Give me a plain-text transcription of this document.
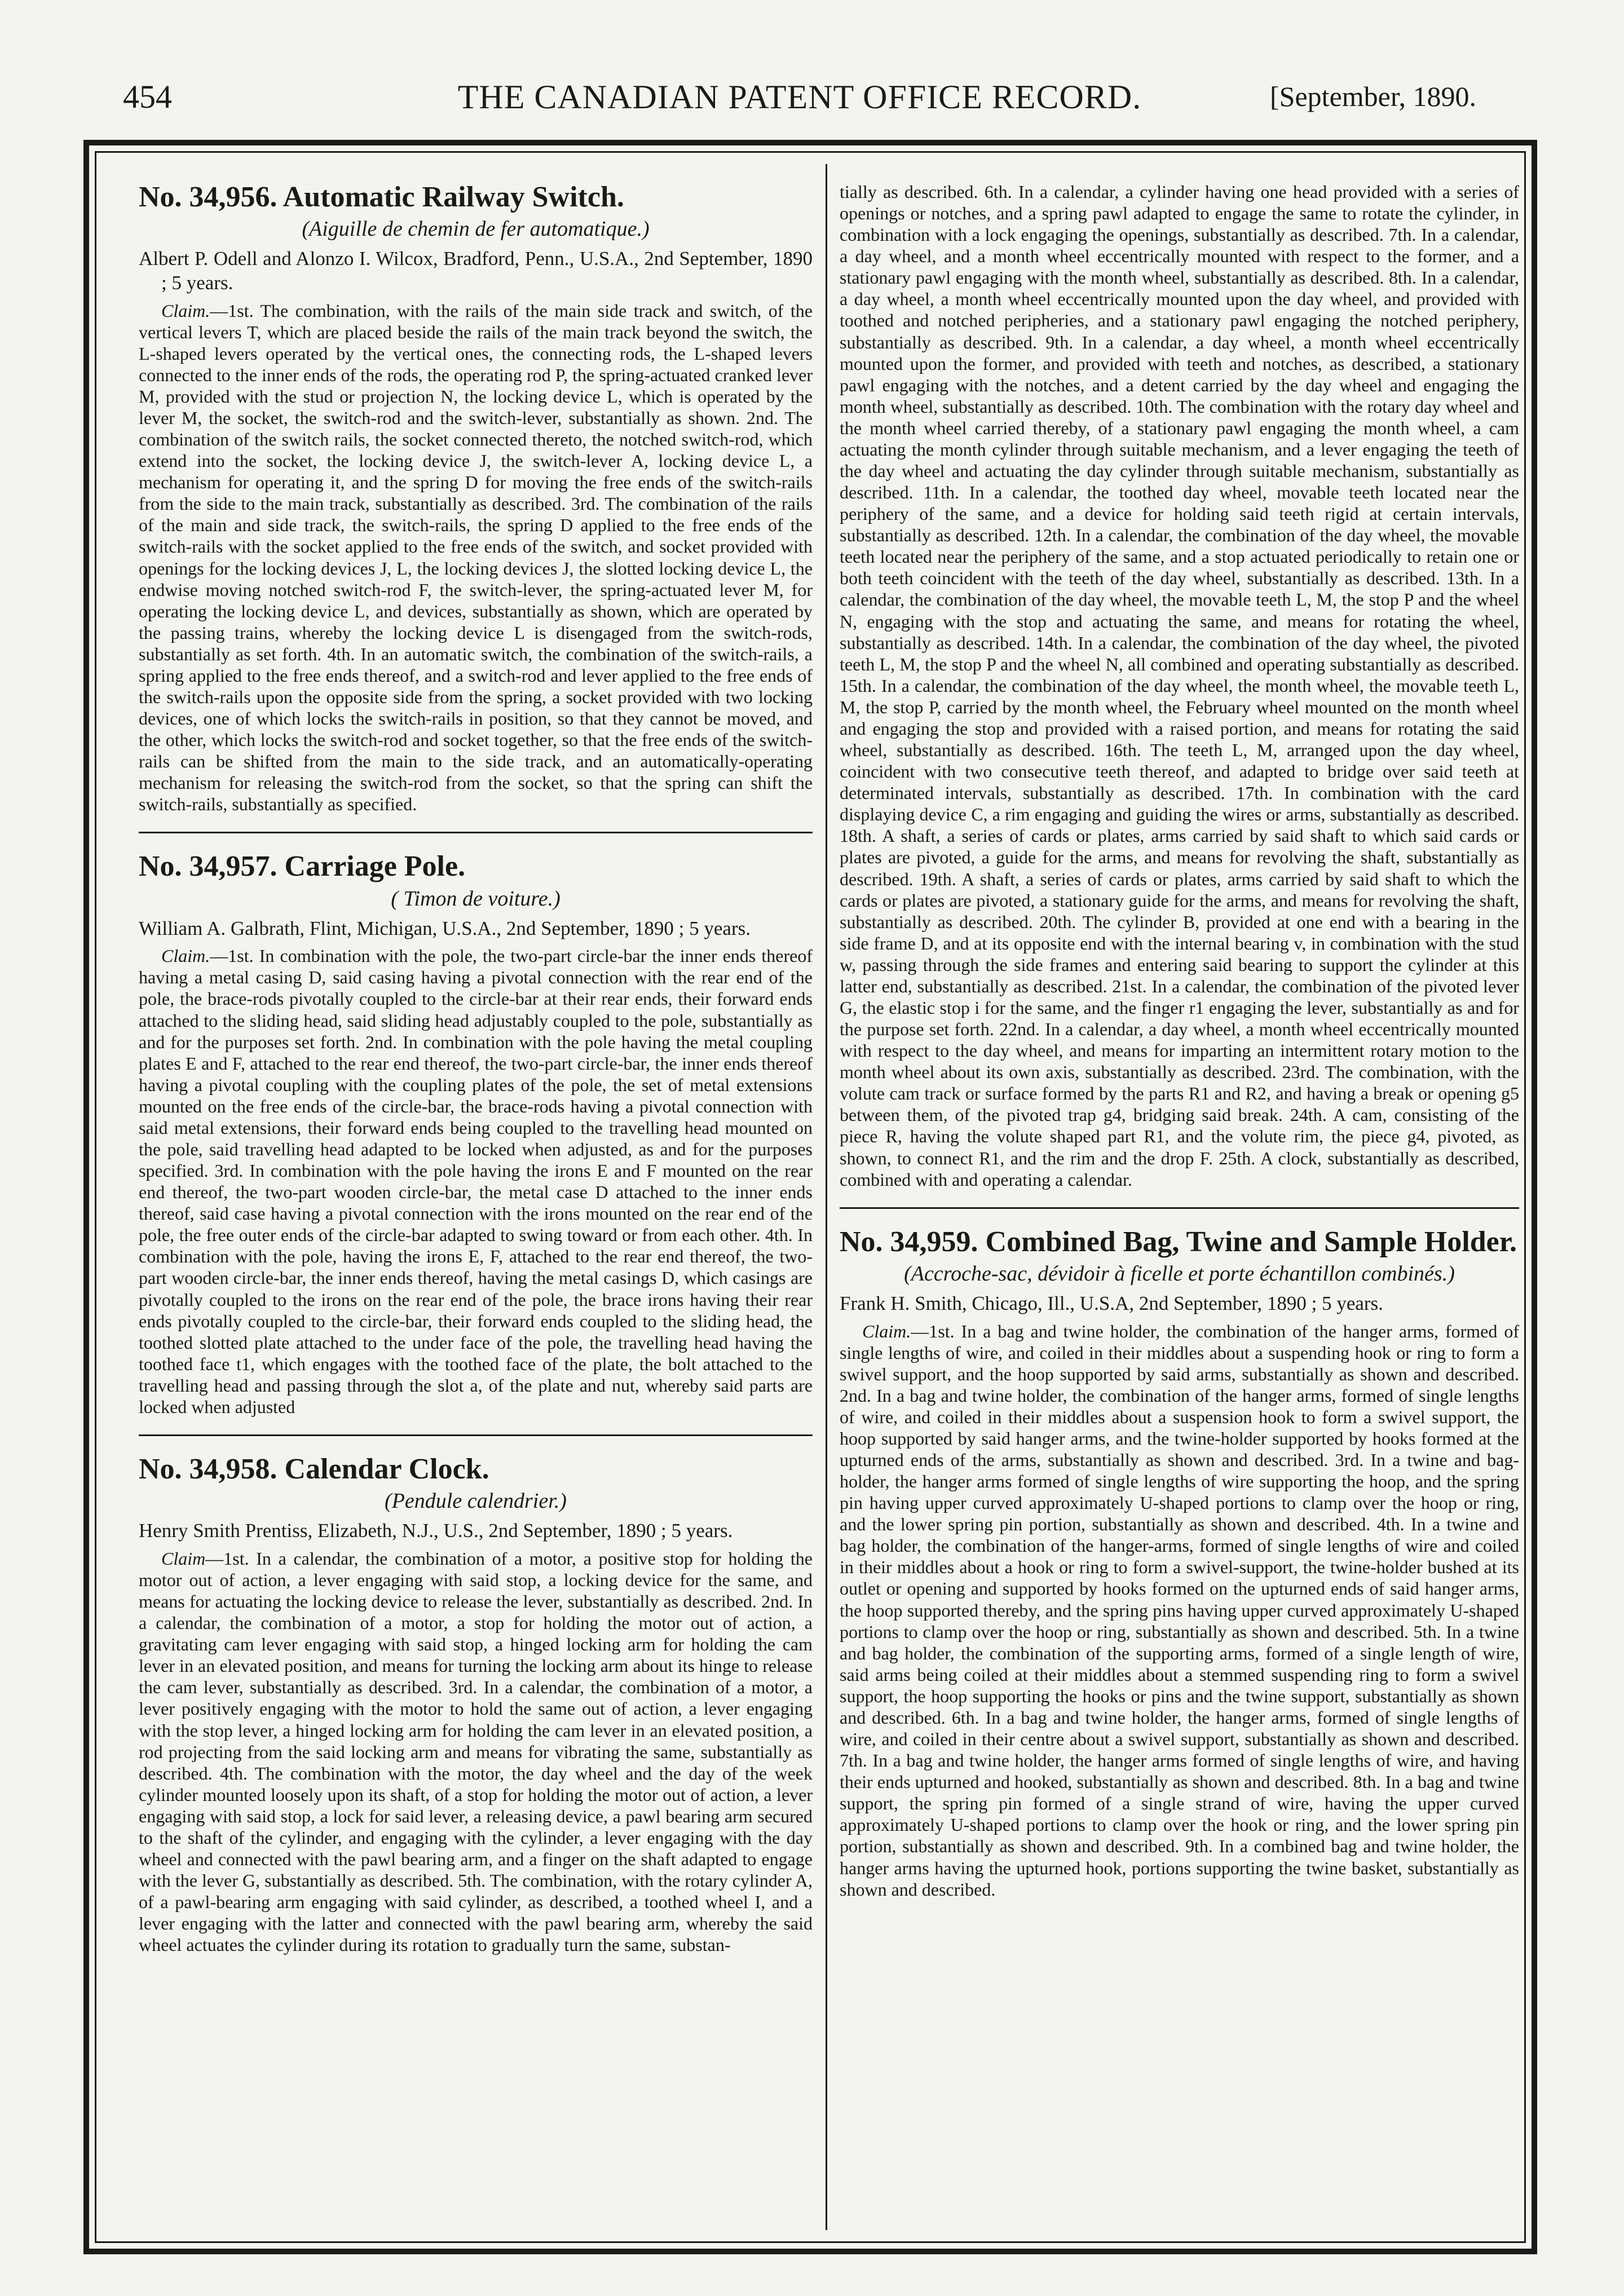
454	THE CANADIAN PATENT OFFICE RECORD.	[September, 1890.
No. 34,956. Automatic Railway Switch.
(Aiguille de chemin de fer automatique.)

Albert P. Odell and Alonzo I. Wilcox, Bradford, Penn., U.S.A., 2nd September, 1890 ; 5 years.

Claim.—1st. The combination, with the rails of the main side track and switch, of the vertical levers T, which are placed beside the rails of the main track beyond the switch, the L-shaped levers operated by the vertical ones, the connecting rods, the L-shaped levers connected to the inner ends of the rods, the operating rod P, the spring-actuated cranked lever M, provided with the stud or projection N, the locking device L, which is operated by the lever M, the socket, the switch-rod and the switch-lever, substantially as shown. 2nd. The combination of the switch rails, the socket connected thereto, the notched switch-rod, which extend into the socket, the locking device J, the switch-lever A, locking device L, a mechanism for operating it, and the spring D for moving the free ends of the switch-rails from the side to the main track, substantially as described. 3rd. The combination of the rails of the main and side track, the switch-rails, the spring D applied to the free ends of the switch-rails with the socket applied to the free ends of the switch, and socket provided with openings for the locking devices J, L, the locking devices J, the slotted locking device L, the endwise moving notched switch-rod F, the switch-lever, the spring-actuated lever M, for operating the locking device L, and devices, substantially as shown, which are operated by the passing trains, whereby the locking device L is disengaged from the switch-rods, substantially as set forth. 4th. In an automatic switch, the combination of the switch-rails, a spring applied to the free ends thereof, and a switch-rod and lever applied to the free ends of the switch-rails upon the opposite side from the spring, a socket provided with two locking devices, one of which locks the switch-rails in position, so that they cannot be moved, and the other, which locks the switch-rod and socket together, so that the free ends of the switch-rails can be shifted from the main to the side track, and an automatically-operating mechanism for releasing the switch-rod from the socket, so that the spring can shift the switch-rails, substantially as specified.

No. 34,957. Carriage Pole.
( Timon de voiture.)

William A. Galbrath, Flint, Michigan, U.S.A., 2nd September, 1890 ; 5 years.

Claim.—1st. In combination with the pole, the two-part circle-bar the inner ends thereof having a metal casing D, said casing having a pivotal connection with the rear end of the pole, the brace-rods pivotally coupled to the circle-bar at their rear ends, their forward ends attached to the sliding head, said sliding head adjustably coupled to the pole, substantially as and for the purposes set forth. 2nd. In combination with the pole having the metal coupling plates E and F, attached to the rear end thereof, the two-part circle-bar, the inner ends thereof having a pivotal coupling with the coupling plates of the pole, the set of metal extensions mounted on the free ends of the circle-bar, the brace-rods having a pivotal connection with said metal extensions, their forward ends being coupled to the travelling head mounted on the pole, said travelling head adapted to be locked when adjusted, as and for the purposes specified. 3rd. In combination with the pole having the irons E and F mounted on the rear end thereof, the two-part wooden circle-bar, the metal case D attached to the inner ends thereof, said case having a pivotal connection with the irons mounted on the rear end of the pole, the free outer ends of the circle-bar adapted to swing toward or from each other. 4th. In combination with the pole, having the irons E, F, attached to the rear end thereof, the two-part wooden circle-bar, the inner ends thereof, having the metal casings D, which casings are pivotally coupled to the irons on the rear end of the pole, the brace irons having their rear ends pivotally coupled to the circle-bar, their forward ends coupled to the sliding head, the toothed slotted plate attached to the under face of the pole, the travelling head having the toothed face t1, which engages with the toothed face of the plate, the bolt attached to the travelling head and passing through the slot a, of the plate and nut, whereby said parts are locked when adjusted

No. 34,958. Calendar Clock.
(Pendule calendrier.)

Henry Smith Prentiss, Elizabeth, N.J., U.S., 2nd September, 1890 ; 5 years.

Claim—1st. In a calendar, the combination of a motor, a positive stop for holding the motor out of action, a lever engaging with said stop, a locking device for the same, and means for actuating the locking device to release the lever, substantially as described. 2nd. In a calendar, the combination of a motor, a stop for holding the motor out of action, a gravitating cam lever engaging with said stop, a hinged locking arm for holding the cam lever in an elevated position, and means for turning the locking arm about its hinge to release the cam lever, substantially as described. 3rd. In a calendar, the combination of a motor, a lever positively engaging with the motor to hold the same out of action, a lever engaging with the stop lever, a hinged locking arm for holding the cam lever in an elevated position, a rod projecting from the said locking arm and means for vibrating the same, substantially as described. 4th. The combination with the motor, the day wheel and the day of the week cylinder mounted loosely upon its shaft, of a stop for holding the motor out of action, a lever engaging with said stop, a lock for said lever, a releasing device, a pawl bearing arm secured to the shaft of the cylinder, and engaging with the cylinder, a lever engaging with the day wheel and connected with the pawl bearing arm, and a finger on the shaft adapted to engage with the lever G, substantially as described. 5th. The combination, with the rotary cylinder A, of a pawl-bearing arm engaging with said cylinder, as described, a toothed wheel I, and a lever engaging with the latter and connected with the pawl bearing arm, whereby the said wheel actuates the cylinder during its rotation to gradually turn the same, substan-

tially as described. 6th. In a calendar, a cylinder having one head provided with a series of openings or notches, and a spring pawl adapted to engage the same to rotate the cylinder, in combination with a lock engaging the openings, substantially as described. 7th. In a calendar, a day wheel, and a month wheel eccentrically mounted with respect to the former, and a stationary pawl engaging with the month wheel, substantially as described. 8th. In a calendar, a day wheel, a month wheel eccentrically mounted upon the day wheel, and provided with toothed and notched peripheries, and a stationary pawl engaging the notched periphery, substantially as described. 9th. In a calendar, a day wheel, a month wheel eccentrically mounted upon the former, and provided with teeth and notches, as described, a stationary pawl engaging with the notches, and a detent carried by the day wheel and engaging the month wheel, substantially as described. 10th. The combination with the rotary day wheel and the month wheel carried thereby, of a stationary pawl engaging the month wheel, a cam actuating the month cylinder through suitable mechanism, and a lever engaging the teeth of the day wheel and actuating the day cylinder through suitable mechanism, substantially as described. 11th. In a calendar, the toothed day wheel, movable teeth located near the periphery of the same, and a device for holding said teeth rigid at certain intervals, substantially as described. 12th. In a calendar, the combination of the day wheel, the movable teeth located near the periphery of the same, and a stop actuated periodically to retain one or both teeth coincident with the teeth of the day wheel, substantially as described. 13th. In a calendar, the combination of the day wheel, the movable teeth L, M, the stop P and the wheel N, engaging with the stop and actuating the same, and means for rotating the wheel, substantially as described. 14th. In a calendar, the combination of the day wheel, the pivoted teeth L, M, the stop P and the wheel N, all combined and operating substantially as described. 15th. In a calendar, the combination of the day wheel, the month wheel, the movable teeth L, M, the stop P, carried by the month wheel, the February wheel mounted on the month wheel and engaging the stop and provided with a raised portion, and means for rotating the said wheel, substantially as described. 16th. The teeth L, M, arranged upon the day wheel, coincident with two consecutive teeth thereof, and adapted to bridge over said teeth at determinated intervals, substantially as described. 17th. In combination with the card displaying device C, a rim engaging and guiding the wires or arms, substantially as described. 18th. A shaft, a series of cards or plates, arms carried by said shaft to which said cards or plates are pivoted, a guide for the arms, and means for revolving the shaft, substantially as described. 19th. A shaft, a series of cards or plates, arms carried by said shaft to which the cards or plates are pivoted, a stationary guide for the arms, and means for revolving the shaft, substantially as described. 20th. The cylinder B, provided at one end with a bearing in the side frame D, and at its opposite end with the internal bearing v, in combination with the stud w, passing through the side frames and entering said bearing to support the cylinder at this latter end, substantially as described. 21st. In a calendar, the combination of the pivoted lever G, the elastic stop i for the same, and the finger r1 engaging the lever, substantially as and for the purpose set forth. 22nd. In a calendar, a day wheel, a month wheel eccentrically mounted with respect to the day wheel, and means for imparting an intermittent rotary motion to the month wheel about its own axis, substantially as described. 23rd. The combination, with the volute cam track or surface formed by the parts R1 and R2, and having a break or opening g5 between them, of the pivoted trap g4, bridging said break. 24th. A cam, consisting of the piece R, having the volute shaped part R1, and the volute rim, the piece g4, pivoted, as shown, to connect R1, and the rim and the drop F. 25th. A clock, substantially as described, combined with and operating a calendar.

No. 34,959. Combined Bag, Twine and Sample Holder.
(Accroche-sac, dévidoir à ficelle et porte échantillon combinés.)

Frank H. Smith, Chicago, Ill., U.S.A, 2nd September, 1890 ; 5 years.

Claim.—1st. In a bag and twine holder, the combination of the hanger arms, formed of single lengths of wire, and coiled in their middles about a suspending hook or ring to form a swivel support, and the hoop supported by said arms, substantially as shown and described. 2nd. In a bag and twine holder, the combination of the hanger arms, formed of single lengths of wire, and coiled in their middles about a suspension hook to form a swivel support, the hoop supported by said hanger arms, and the twine-holder supported by hooks formed at the upturned ends of the arms, substantially as shown and described. 3rd. In a twine and bag-holder, the hanger arms formed of single lengths of wire supporting the hoop, and the spring pin having upper curved approximately U-shaped portions to clamp over the hoop or ring, and the lower spring pin portion, substantially as shown and described. 4th. In a twine and bag holder, the combination of the hanger-arms, formed of single lengths of wire and coiled in their middles about a hook or ring to form a swivel-support, the twine-holder bushed at its outlet or opening and supported by hooks formed on the upturned ends of said hanger arms, the hoop supported thereby, and the spring pins having upper curved approximately U-shaped portions to clamp over the hoop or ring, substantially as shown and described. 5th. In a twine and bag holder, the combination of the supporting arms, formed of a single length of wire, said arms being coiled at their middles about a stemmed suspending ring to form a swivel support, the hoop supporting the hooks or pins and the twine support, substantially as shown and described. 6th. In a bag and twine holder, the hanger arms, formed of single lengths of wire, and coiled in their centre about a swivel support, substantially as shown and described. 7th. In a bag and twine holder, the hanger arms formed of single lengths of wire, and having their ends upturned and hooked, substantially as shown and described. 8th. In a bag and twine support, the spring pin formed of a single strand of wire, having the upper curved approximately U-shaped portions to clamp over the hook or ring, and the lower spring pin portion, substantially as shown and described. 9th. In a combined bag and twine holder, the hanger arms having the upturned hook, portions supporting the twine basket, substantially as shown and described.
